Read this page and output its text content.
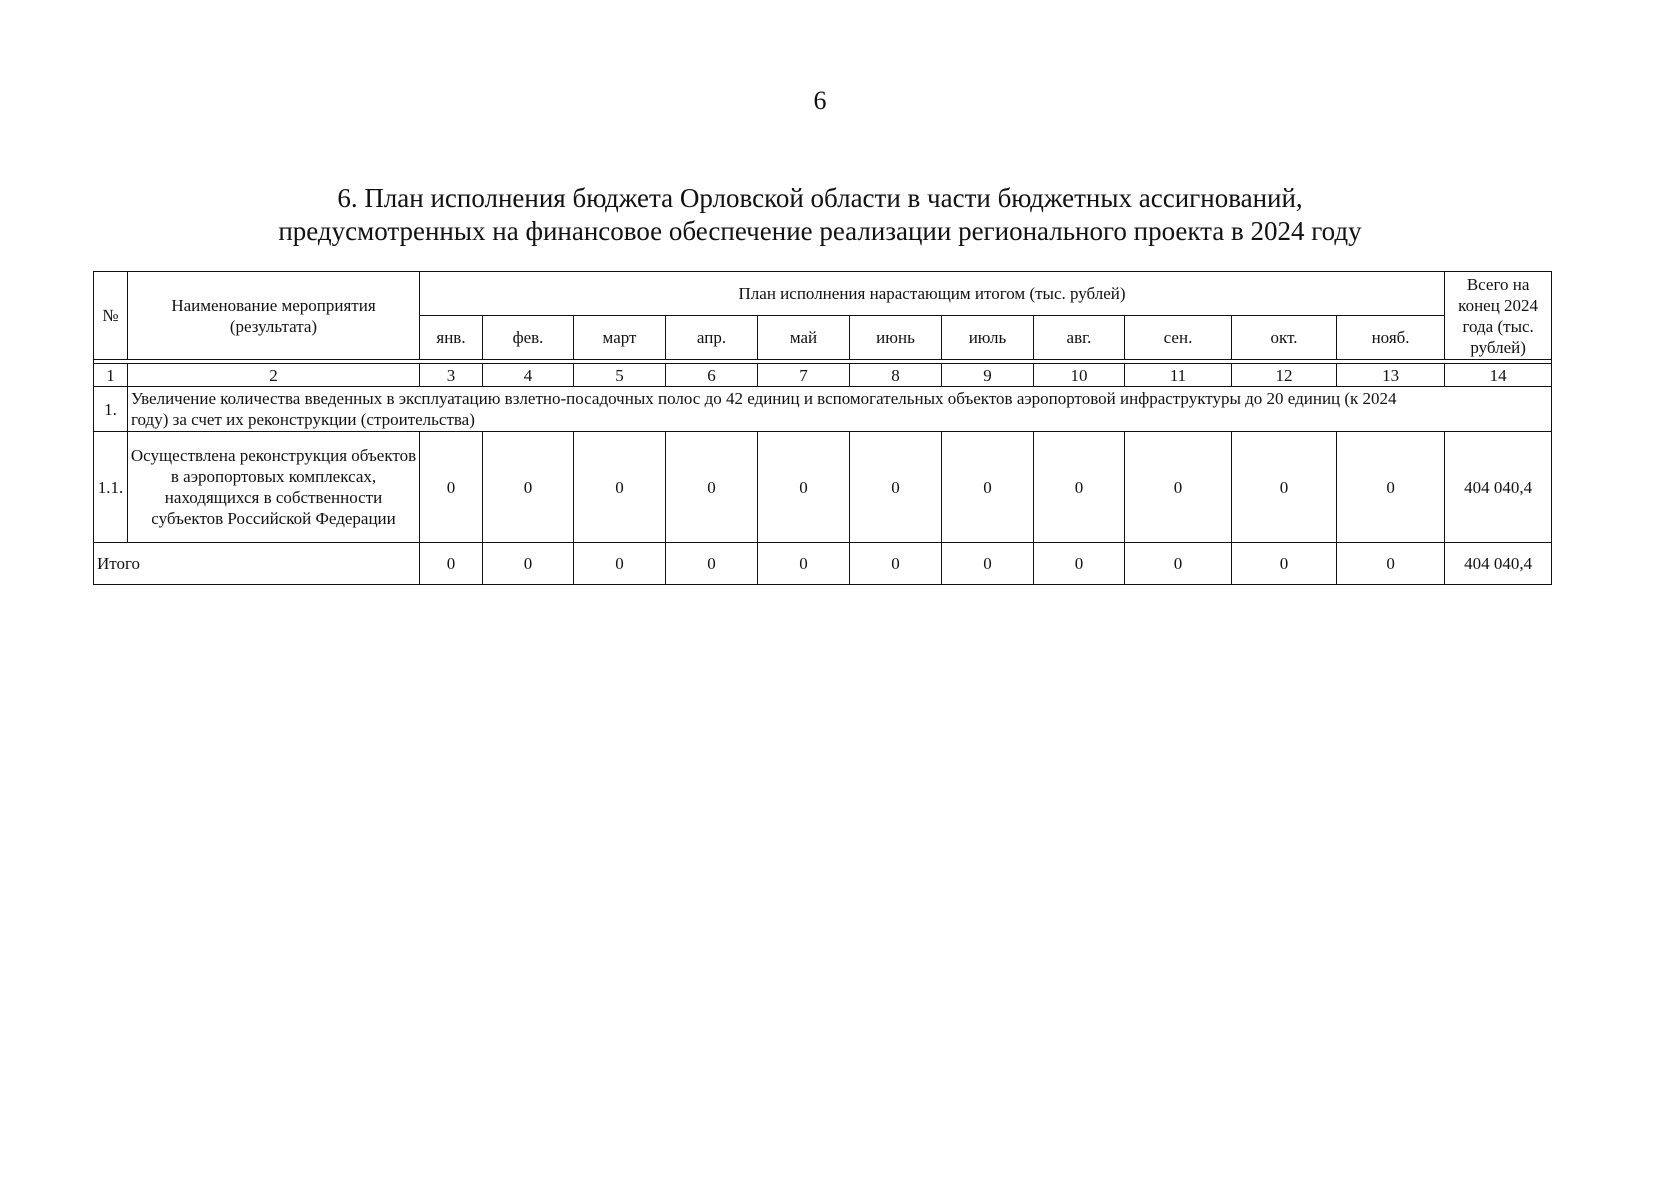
6
6. План исполнения бюджета Орловской области в части бюджетных ассигнований,
предусмотренных на финансовое обеспечение реализации регионального проекта в 2024 году
№	Наименование мероприятия (результата)	План исполнения нарастающим итогом (тыс. рублей)											Всего на конец 2024 года (тыс. рублей)
		янв.	фев.	март	апр.	май	июнь	июль	авг.	сен.	окт.	нояб.	

1	2	3	4	5	6	7	8	9	10	11	12	13	14
1.	Увеличение количества введенных в эксплуатацию взлетно-посадочных полос до 42 единиц и вспомогательных объектов аэропортовой инфраструктуры до 20 единиц (к 2024 году) за счет их реконструкции (строительства)												
1.1.	Осуществлена реконструкция объектов в аэропортовых комплексах, находящихся в собственности субъектов Российской Федерации	0	0	0	0	0	0	0	0	0	0	0	404 040,4
Итого		0	0	0	0	0	0	0	0	0	0	0	404 040,4
